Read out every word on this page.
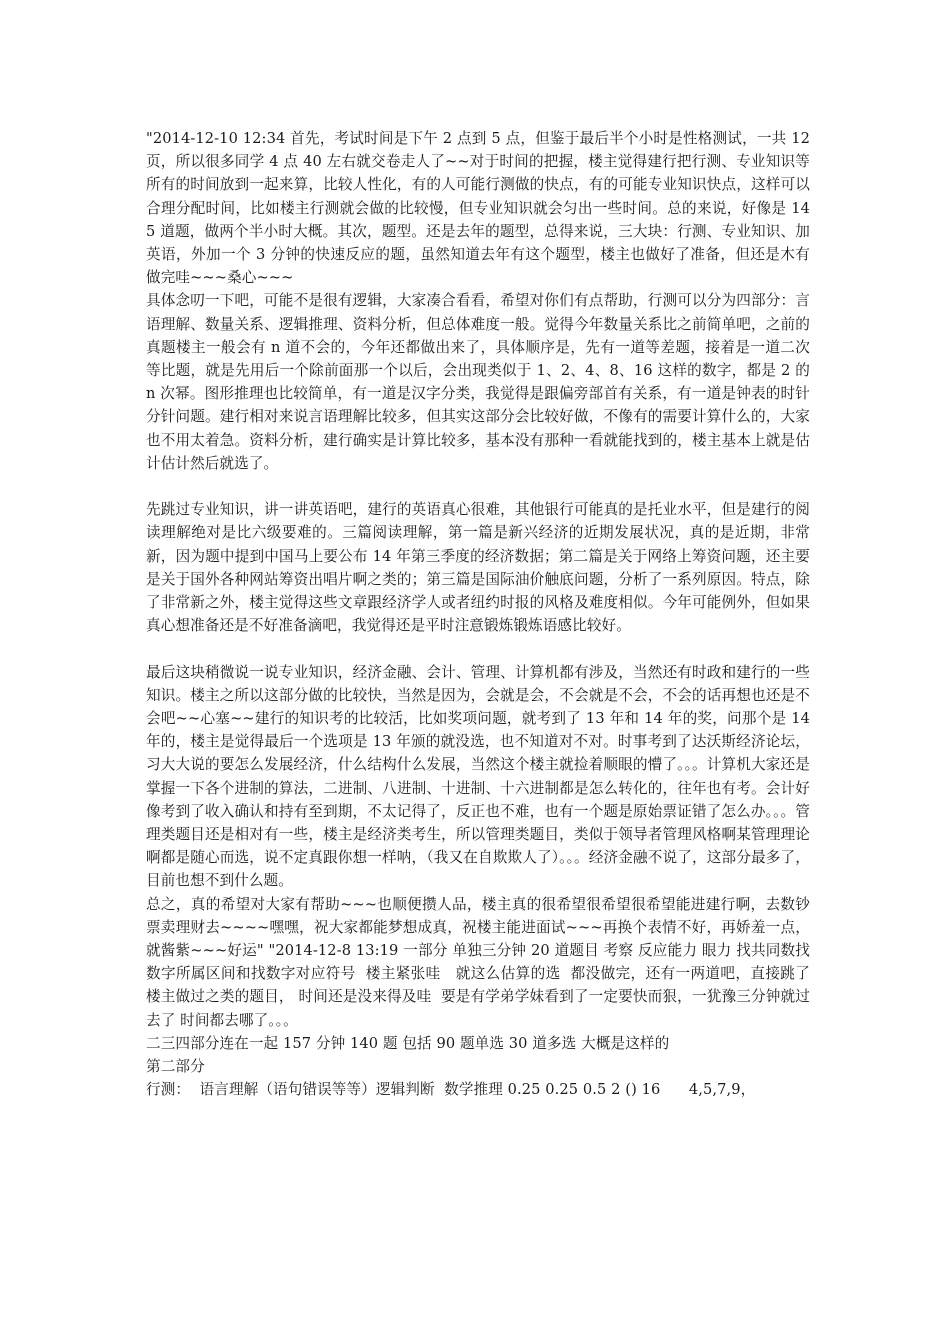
"2014-12-10 12:34 首先，考试时间是下午 2 点到 5 点，但鉴于最后半个小时是性格测试，一共 12 页，所以很多同学 4 点 40 左右就交卷走人了~~对于时间的把握，楼主觉得建行把行测、专业知识等所有的时间放到一起来算，比较人性化，有的人可能行测做的快点，有的可能专业知识快点，这样可以合理分配时间，比如楼主行测就会做的比较慢，但专业知识就会匀出一些时间。总的来说，好像是 145 道题，做两个半小时大概。其次，题型。还是去年的题型，总得来说，三大块：行测、专业知识、加英语，外加一个 3 分钟的快速反应的题，虽然知道去年有这个题型，楼主也做好了准备，但还是木有做完哇~~~桑心~~~

具体念叨一下吧，可能不是很有逻辑，大家凑合看看，希望对你们有点帮助，行测可以分为四部分：言语理解、数量关系、逻辑推理、资料分析，但总体难度一般。觉得今年数量关系比之前简单吧，之前的真题楼主一般会有 n 道不会的，今年还都做出来了，具体顺序是，先有一道等差题，接着是一道二次等比题，就是先用后一个除前面那一个以后，会出现类似于 1、2、4、8、16 这样的数字，都是 2 的 n 次幂。图形推理也比较简单，有一道是汉字分类，我觉得是跟偏旁部首有关系，有一道是钟表的时针分针问题。建行相对来说言语理解比较多，但其实这部分会比较好做，不像有的需要计算什么的，大家也不用太着急。资料分析，建行确实是计算比较多，基本没有那种一看就能找到的，楼主基本上就是估计估计然后就选了。

先跳过专业知识，讲一讲英语吧，建行的英语真心很难，其他银行可能真的是托业水平，但是建行的阅读理解绝对是比六级要难的。三篇阅读理解，第一篇是新兴经济的近期发展状况，真的是近期，非常新，因为题中提到中国马上要公布 14 年第三季度的经济数据；第二篇是关于网络上筹资问题，还主要是关于国外各种网站筹资出唱片啊之类的；第三篇是国际油价触底问题，分析了一系列原因。特点，除了非常新之外，楼主觉得这些文章跟经济学人或者纽约时报的风格及难度相似。今年可能例外，但如果真心想准备还是不好准备滴吧，我觉得还是平时注意锻炼锻炼语感比较好。

最后这块稍微说一说专业知识，经济金融、会计、管理、计算机都有涉及，当然还有时政和建行的一些知识。楼主之所以这部分做的比较快，当然是因为，会就是会，不会就是不会，不会的话再想也还是不会吧~~心塞~~建行的知识考的比较活，比如奖项问题，就考到了 13 年和 14 年的奖，问那个是 14 年的，楼主是觉得最后一个选项是 13 年颁的就没选，也不知道对不对。时事考到了达沃斯经济论坛，习大大说的要怎么发展经济，什么结构什么发展，当然这个楼主就捡着顺眼的懵了。。。计算机大家还是掌握一下各个进制的算法，二进制、八进制、十进制、十六进制都是怎么转化的，往年也有考。会计好像考到了收入确认和持有至到期，不太记得了，反正也不难，也有一个题是原始票证错了怎么办。。。管理类题目还是相对有一些，楼主是经济类考生，所以管理类题目，类似于领导者管理风格啊某管理理论啊都是随心而选，说不定真跟你想一样呐，（我又在自欺欺人了）。。。经济金融不说了，这部分最多了，目前也想不到什么题。

总之，真的希望对大家有帮助~~~也顺便攒人品，楼主真的很希望很希望很希望能进建行啊，去数钞票卖理财去~~~~嘿嘿，祝大家都能梦想成真，祝楼主能进面试~~~再换个表情不好，再娇羞一点，就酱紫~~~好运" "2014-12-8 13:19 一部分 单独三分钟 20 道题目 考察 反应能力 眼力 找共同数找数字所属区间和找数字对应符号  楼主紧张哇   就这么估算的选  都没做完，还有一两道吧，直接跳了楼主做过之类的题目， 时间还是没来得及哇  要是有学弟学妹看到了一定要快而狠，一犹豫三分钟就过去了 时间都去哪了。。。

二三四部分连在一起 157 分钟 140 题 包括 90 题单选 30 道多选 大概是这样的

第二部分

行测：  语言理解（语句错误等等）逻辑判断  数学推理 0.25 0.25 0.5 2 () 16      4,5,7,9，
